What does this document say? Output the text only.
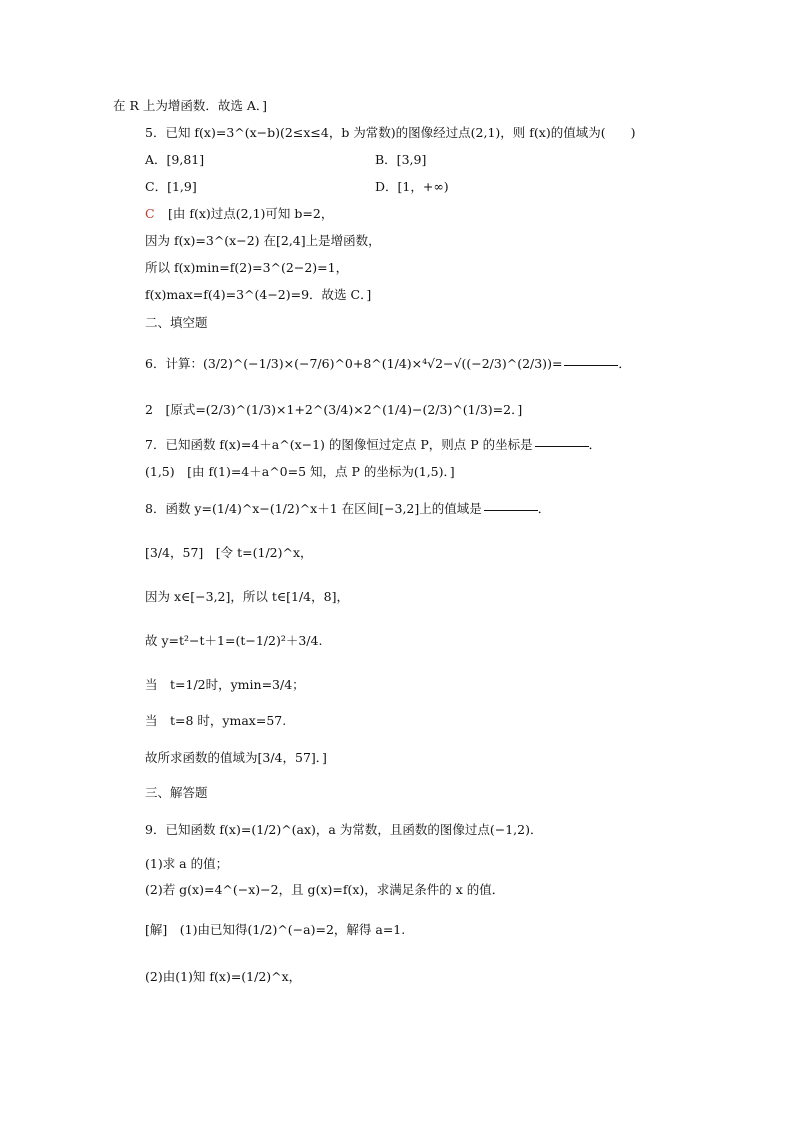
在 R 上为增函数．故选 A．]
5．已知 f(x)=3^(x−b)(2≤x≤4，b 为常数)的图像经过点(2,1)，则 f(x)的值域为(　　)
A．[9,81]	B．[3,9]
C．[1,9]	D．[1，+∞)
C [由 f(x)过点(2,1)可知 b=2，
因为 f(x)=3^(x−2) 在[2,4]上是增函数，
所以 f(x)min=f(2)=3^(2−2)=1，
f(x)max=f(4)=3^(4−2)=9．故选 C．]
二、填空题
6．计算：(3/2)^(−1/3)×(−7/6)^0+8^(1/4)×⁴√2−√((−2/3)^(2/3))=	．
2　[原式=(2/3)^(1/3)×1+2^(3/4)×2^(1/4)−(2/3)^(1/3)=2．]
7．已知函数 f(x)=4＋a^(x−1) 的图像恒过定点 P，则点 P 的坐标是	．
(1,5)　[由 f(1)=4＋a^0=5 知，点 P 的坐标为(1,5)．]
8．函数 y=(1/4)^x−(1/2)^x＋1 在区间[−3,2]上的值域是	．
[3/4，57]　[令 t=(1/2)^x，
因为 x∈[−3,2]，所以 t∈[1/4，8]，
故 y=t²−t＋1=(t−1/2)²＋3/4.
当　t=1/2时，ymin=3/4；
当　t=8 时，ymax=57.
故所求函数的值域为[3/4，57]．]
三、解答题
9．已知函数 f(x)=(1/2)^(ax)，a 为常数，且函数的图像过点(−1,2)．
(1)求 a 的值；
(2)若 g(x)=4^(−x)−2，且 g(x)=f(x)，求满足条件的 x 的值．
[解]　(1)由已知得(1/2)^(−a)=2，解得 a=1.
(2)由(1)知 f(x)=(1/2)^x，
